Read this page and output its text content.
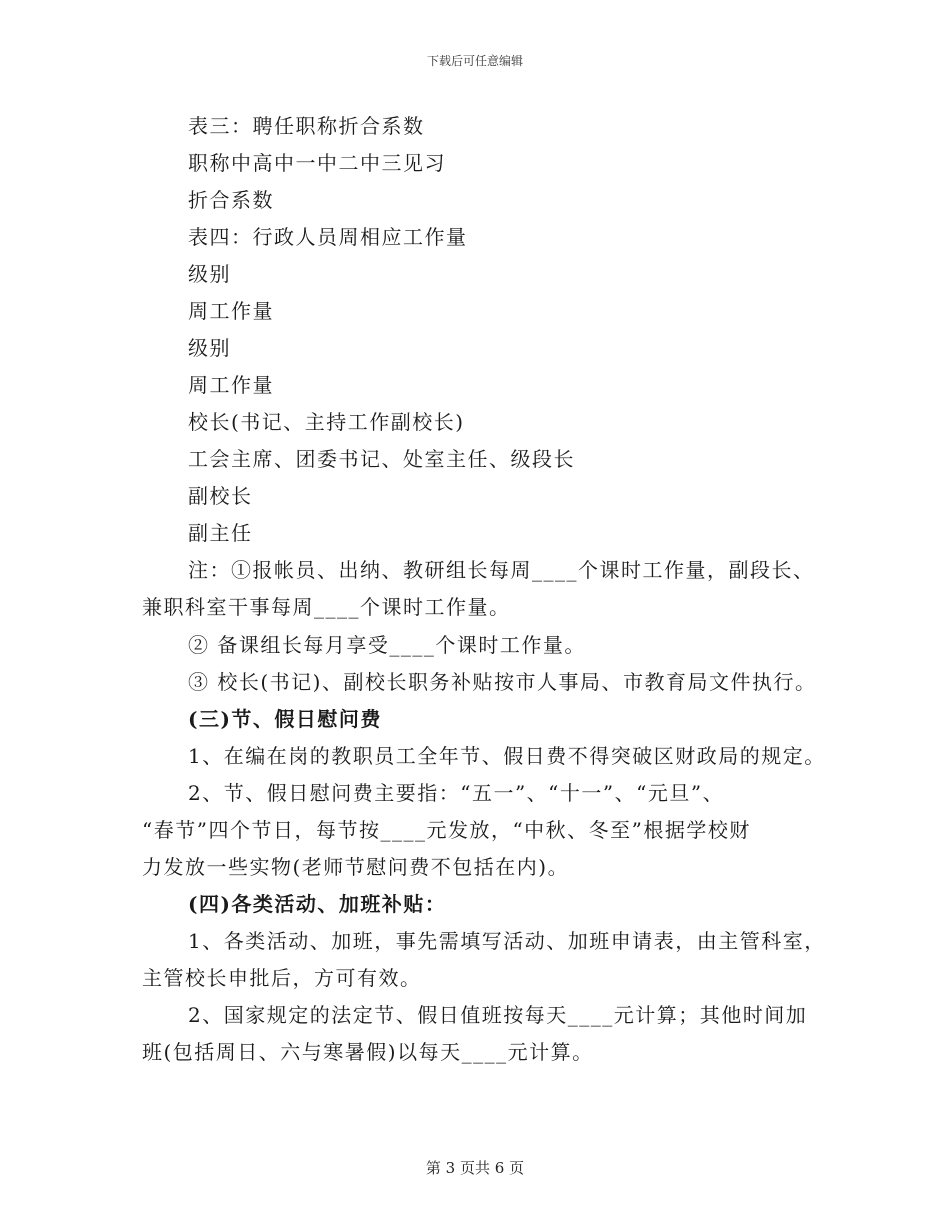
下载后可任意编辑
表三：聘任职称折合系数
职称中高中一中二中三见习
折合系数
表四：行政人员周相应工作量
级别
周工作量
级别
周工作量
校长(书记、主持工作副校长)
工会主席、团委书记、处室主任、级段长
副校长
副主任
注：①报帐员、出纳、教研组长每周____个课时工作量，副段长、
兼职科室干事每周____个课时工作量。
② 备课组长每月享受____个课时工作量。
③ 校长(书记)、副校长职务补贴按市人事局、市教育局文件执行。
(三)节、假日慰问费
1、在编在岗的教职员工全年节、假日费不得突破区财政局的规定。
2、节、假日慰问费主要指：“五一”、“十一”、“元旦”、
“春节”四个节日，每节按____元发放，“中秋、冬至”根据学校财
力发放一些实物(老师节慰问费不包括在内)。
(四)各类活动、加班补贴：
1、各类活动、加班，事先需填写活动、加班申请表，由主管科室，
主管校长申批后，方可有效。
2、国家规定的法定节、假日值班按每天____元计算；其他时间加
班(包括周日、六与寒暑假)以每天____元计算。
第 3 页共 6 页
